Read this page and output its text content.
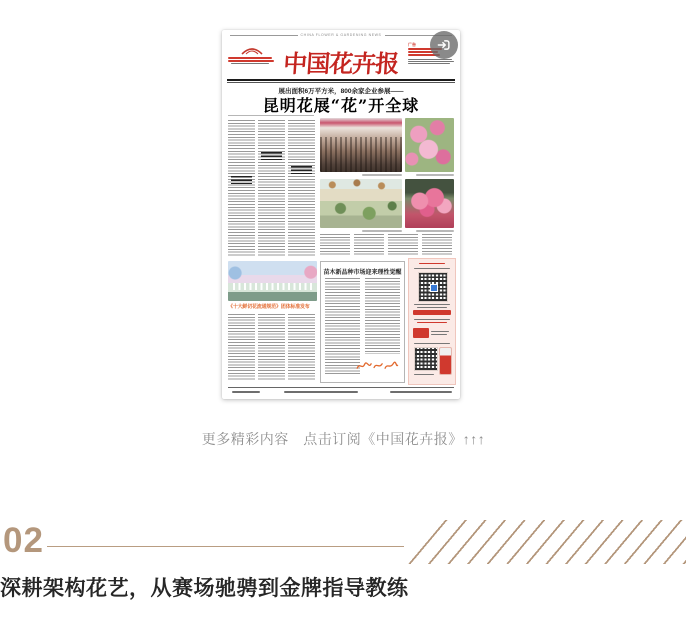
CHINA FLOWER & GARDENING NEWS
中国花卉报
广告
展出面积6万平方米，800余家企业参展——
昆明花展“花”开全球
《十大鲜切花流通规范》团体标准发布
苗木新品种市场迎来理性觉醒
更多精彩内容　点击订阅《中国花卉报》↑↑↑
02
深耕架构花艺，从赛场驰骋到金牌指导教练
